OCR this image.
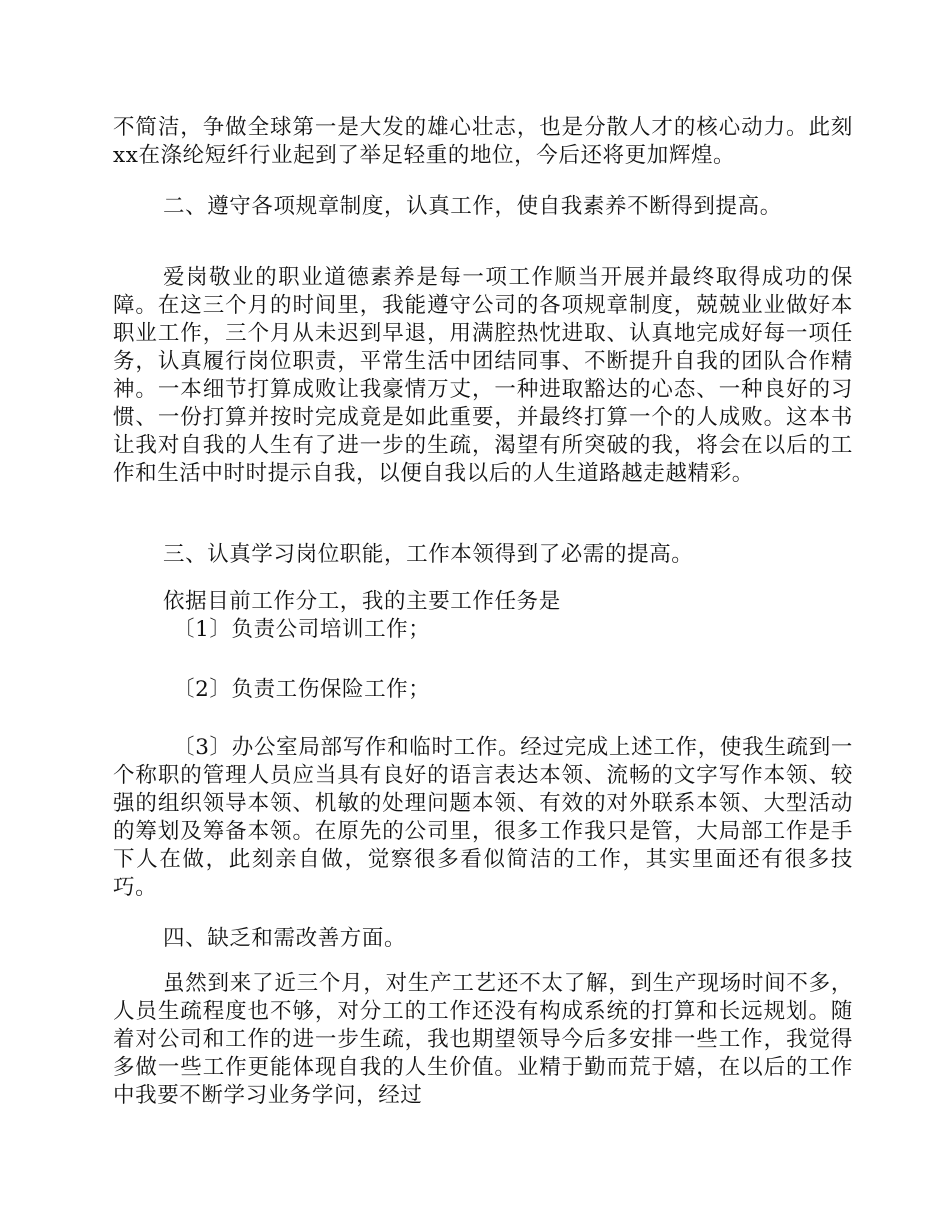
不简洁，争做全球第一是大发的雄心壮志，也是分散人才的核心动力。此刻xx在涤纶短纤行业起到了举足轻重的地位，今后还将更加辉煌。

二、遵守各项规章制度，认真工作，使自我素养不断得到提高。

爱岗敬业的职业道德素养是每一项工作顺当开展并最终取得成功的保障。在这三个月的时间里，我能遵守公司的各项规章制度，兢兢业业做好本职业工作，三个月从未迟到早退，用满腔热忱进取、认真地完成好每一项任务，认真履行岗位职责，平常生活中团结同事、不断提升自我的团队合作精神。一本细节打算成败让我豪情万丈，一种进取豁达的心态、一种良好的习惯、一份打算并按时完成竟是如此重要，并最终打算一个的人成败。这本书让我对自我的人生有了进一步的生疏，渴望有所突破的我，将会在以后的工作和生活中时时提示自我，以便自我以后的人生道路越走越精彩。

三、认真学习岗位职能，工作本领得到了必需的提高。

依据目前工作分工，我的主要工作任务是

〔1〕负责公司培训工作；

〔2〕负责工伤保险工作；

〔3〕办公室局部写作和临时工作。经过完成上述工作，使我生疏到一个称职的管理人员应当具有良好的语言表达本领、流畅的文字写作本领、较强的组织领导本领、机敏的处理问题本领、有效的对外联系本领、大型活动的筹划及筹备本领。在原先的公司里，很多工作我只是管，大局部工作是手下人在做，此刻亲自做，觉察很多看似简洁的工作，其实里面还有很多技巧。

四、缺乏和需改善方面。

虽然到来了近三个月，对生产工艺还不太了解，到生产现场时间不多，人员生疏程度也不够，对分工的工作还没有构成系统的打算和长远规划。随着对公司和工作的进一步生疏，我也期望领导今后多安排一些工作，我觉得多做一些工作更能体现自我的人生价值。业精于勤而荒于嬉，在以后的工作中我要不断学习业务学问，经过
